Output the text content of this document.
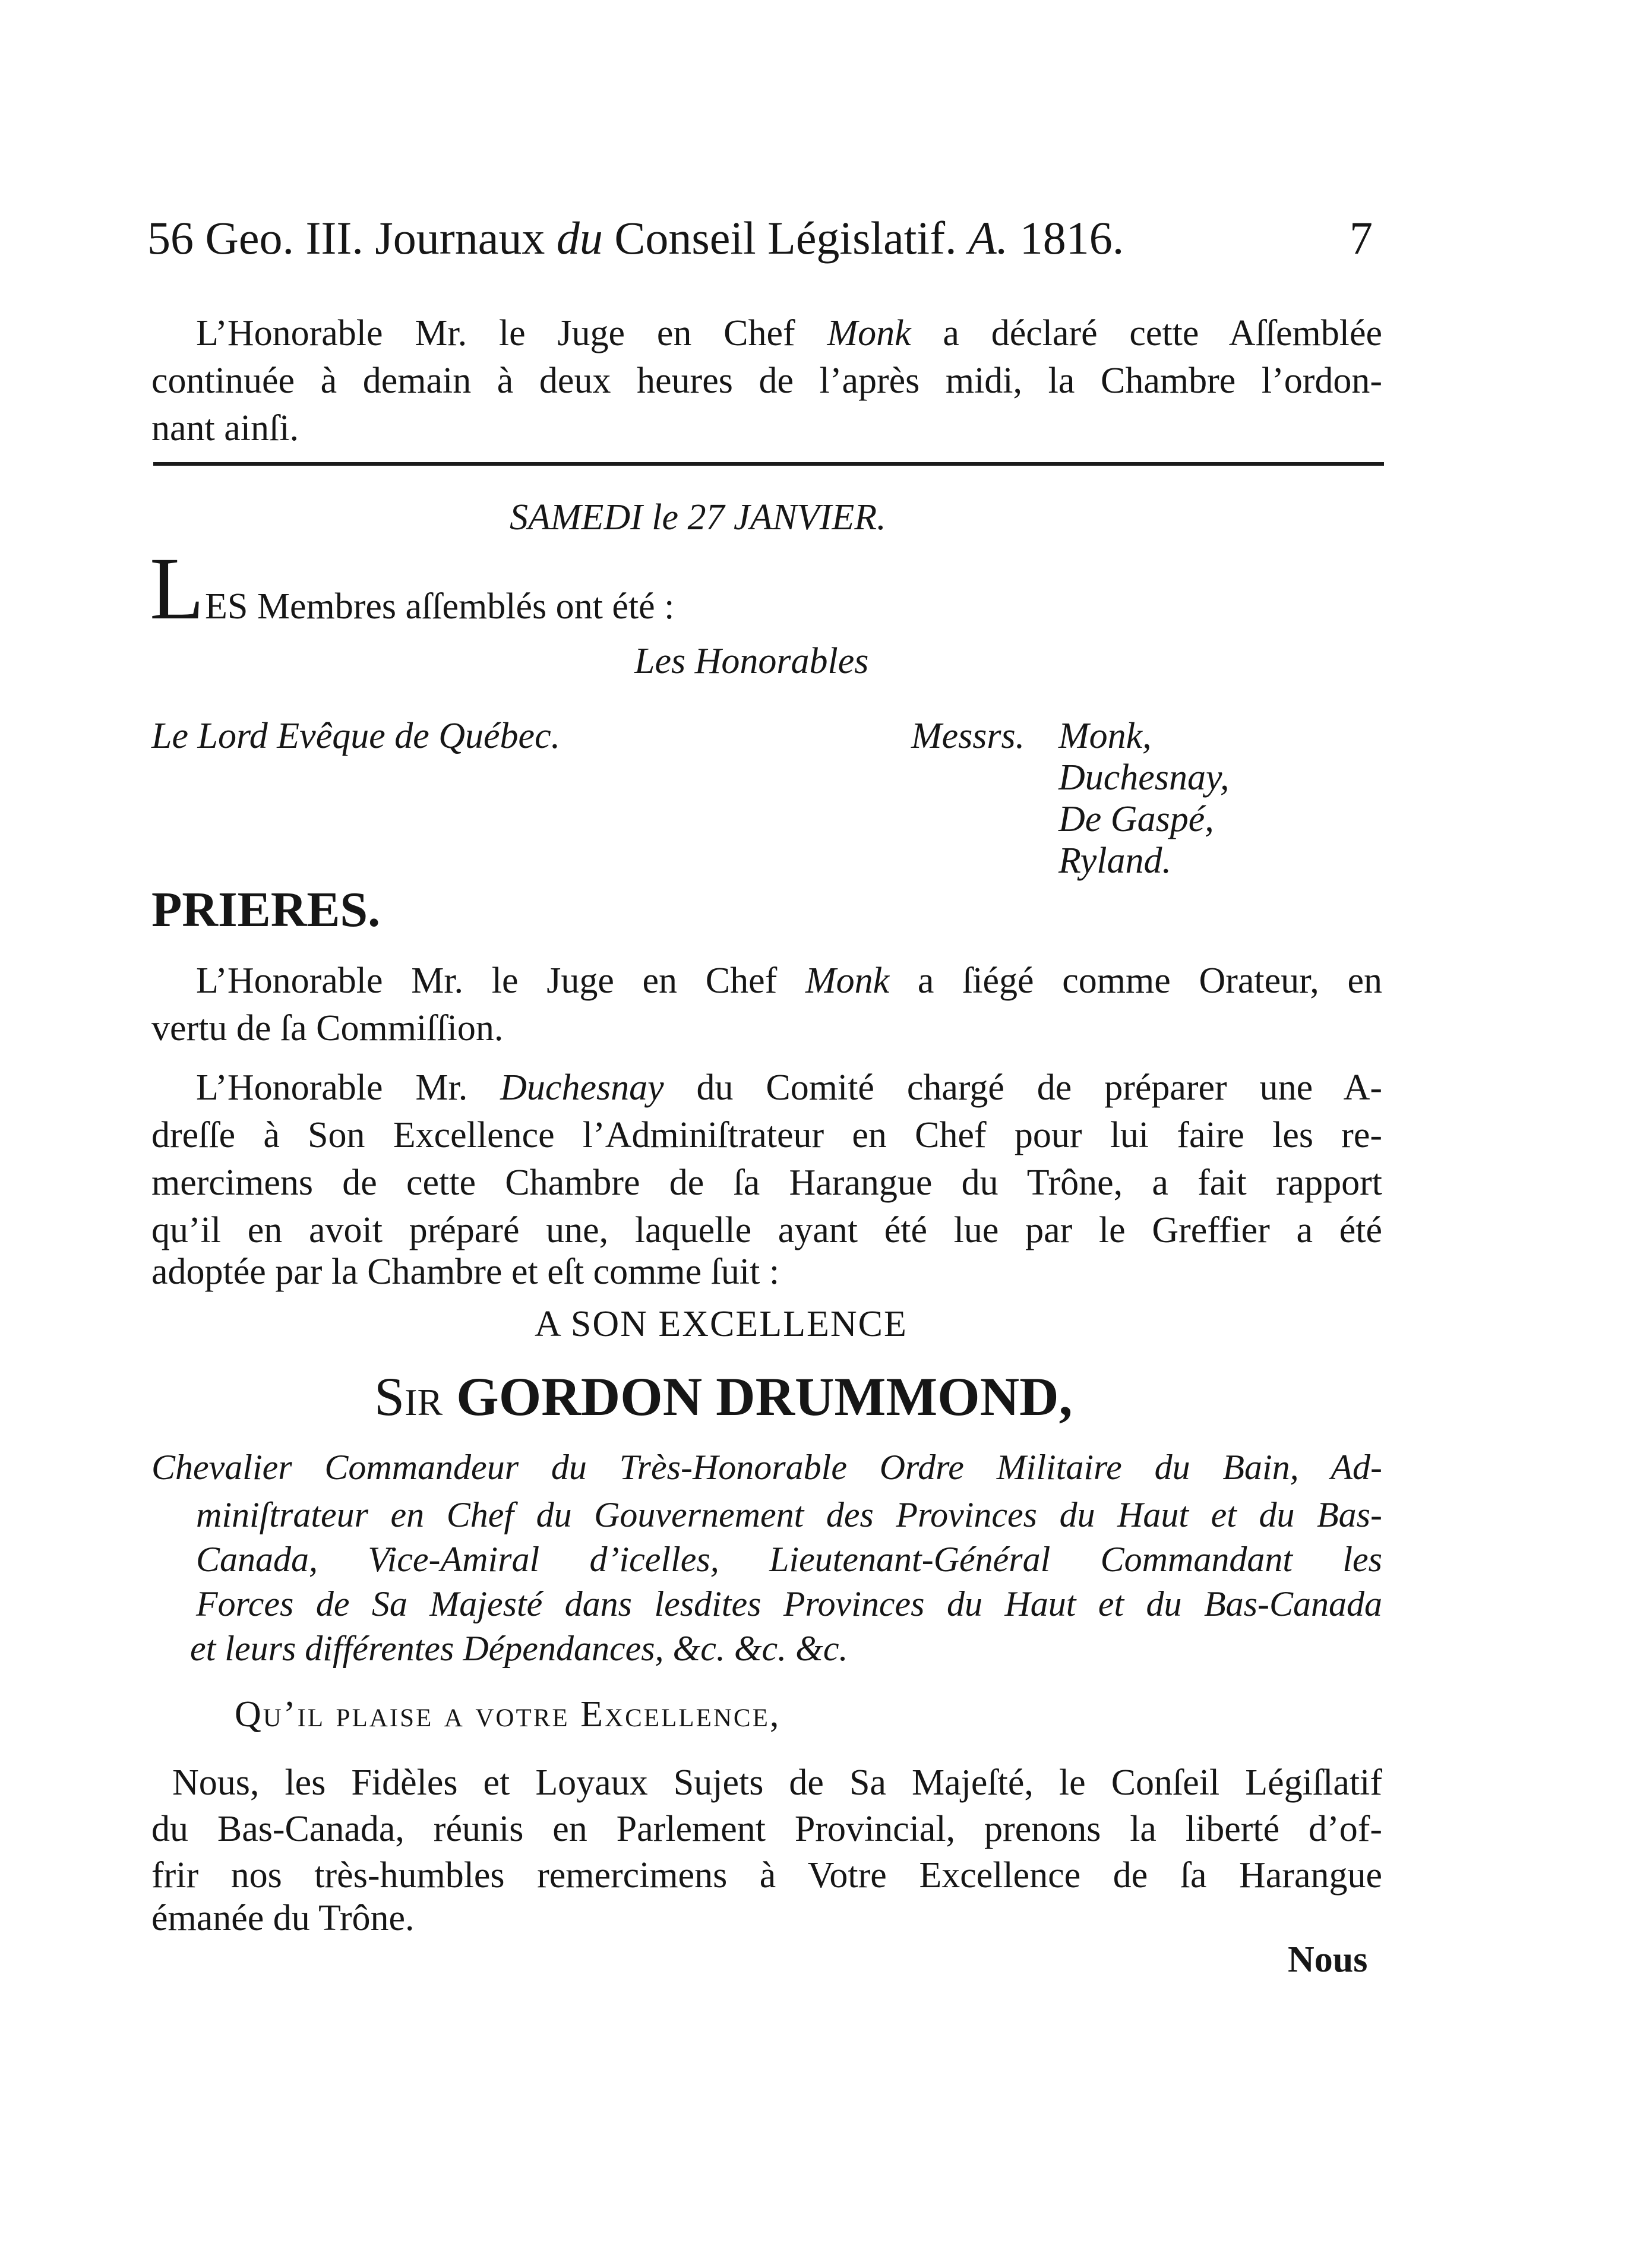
56 Geo. III. Journaux du Conseil Législatif. A. 1816.	7
L’Honorable Mr. le Juge en Chef Monk a déclaré cette Aſſemblée
continuée à demain à deux heures de l’après midi, la Chambre l’ordon-
nant ainſi.
SAMEDI le 27 JANVIER.
L ES Membres aſſemblés ont été :
Les Honorables
Le Lord Evêque de Québec.	Messrs. Monk,
Duchesnay,
De Gaspé,
Ryland.
PRIERES.
L’Honorable Mr. le Juge en Chef Monk a ſiégé comme Orateur, en
vertu de ſa Commiſſion.
L’Honorable Mr. Duchesnay du Comité chargé de préparer une A-
dreſſe à Son Excellence l’Adminiſtrateur en Chef pour lui faire les re-
mercimens de cette Chambre de ſa Harangue du Trône, a fait rapport
qu’il en avoit préparé une, laquelle ayant été lue par le Greffier a été
adoptée par la Chambre et eſt comme ſuit :
A SON EXCELLENCE
Sir GORDON DRUMMOND,
Chevalier Commandeur du Très-Honorable Ordre Militaire du Bain, Ad-
miniſtrateur en Chef du Gouvernement des Provinces du Haut et du Bas-
Canada, Vice-Amiral d’icelles, Lieutenant-Général Commandant les
Forces de Sa Majesté dans lesdites Provinces du Haut et du Bas-Canada
et leurs différentes Dépendances, &c. &c. &c.
Qu’il plaise a votre Excellence,
Nous, les Fidèles et Loyaux Sujets de Sa Majeſté, le Conſeil Légiſlatif
du Bas-Canada, réunis en Parlement Provincial, prenons la liberté d’of-
frir nos très-humbles remercimens à Votre Excellence de ſa Harangue
émanée du Trône.
Nous
